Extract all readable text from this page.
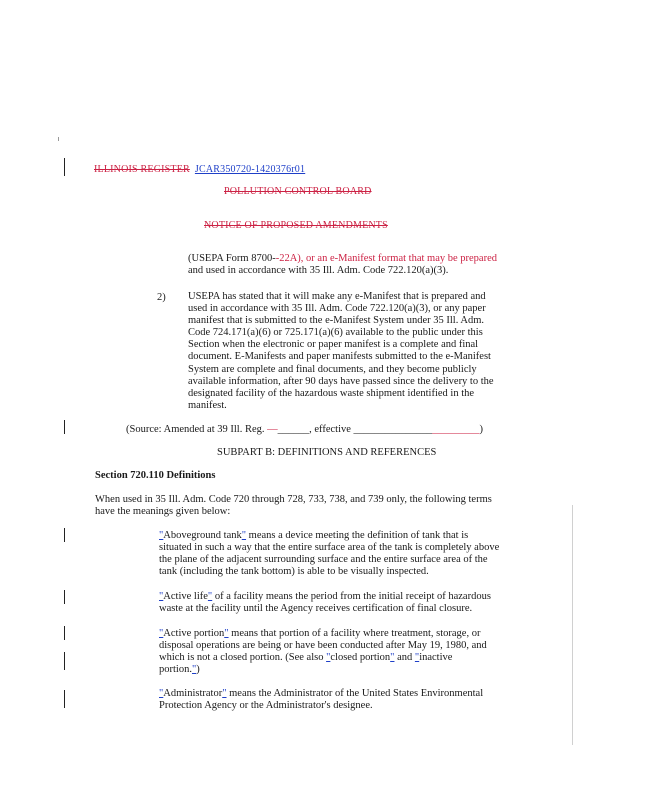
ILLINOIS REGISTER JCAR350720-1420376r01
POLLUTION CONTROL BOARD
NOTICE OF PROPOSED AMENDMENTS
(USEPA Form 8700--22A), or an e-Manifest format that may be prepared
and used in accordance with 35 Ill. Adm. Code 722.120(a)(3).
2) USEPA has stated that it will make any e-Manifest that is prepared and
used in accordance with 35 Ill. Adm. Code 722.120(a)(3), or any paper
manifest that is submitted to the e-Manifest System under 35 Ill. Adm.
Code 724.171(a)(6) or 725.171(a)(6) available to the public under this
Section when the electronic or paper manifest is a complete and final
document. E-Manifests and paper manifests submitted to the e-Manifest
System are complete and final documents, and they become publicly
available information, after 90 days have passed since the delivery to the
designated facility of the hazardous waste shipment identified in the
manifest.
(Source: Amended at 39 Ill. Reg. —______, effective ________________________)
SUBPART B: DEFINITIONS AND REFERENCES
Section 720.110 Definitions
When used in 35 Ill. Adm. Code 720 through 728, 733, 738, and 739 only, the following terms
have the meanings given below:
"Aboveground tank" means a device meeting the definition of tank that is
situated in such a way that the entire surface area of the tank is completely above
the plane of the adjacent surrounding surface and the entire surface area of the
tank (including the tank bottom) is able to be visually inspected.
"Active life" of a facility means the period from the initial receipt of hazardous
waste at the facility until the Agency receives certification of final closure.
"Active portion" means that portion of a facility where treatment, storage, or
disposal operations are being or have been conducted after May 19, 1980, and
which is not a closed portion. (See also "closed portion" and "inactive
portion.")
"Administrator" means the Administrator of the United States Environmental
Protection Agency or the Administrator's designee.
